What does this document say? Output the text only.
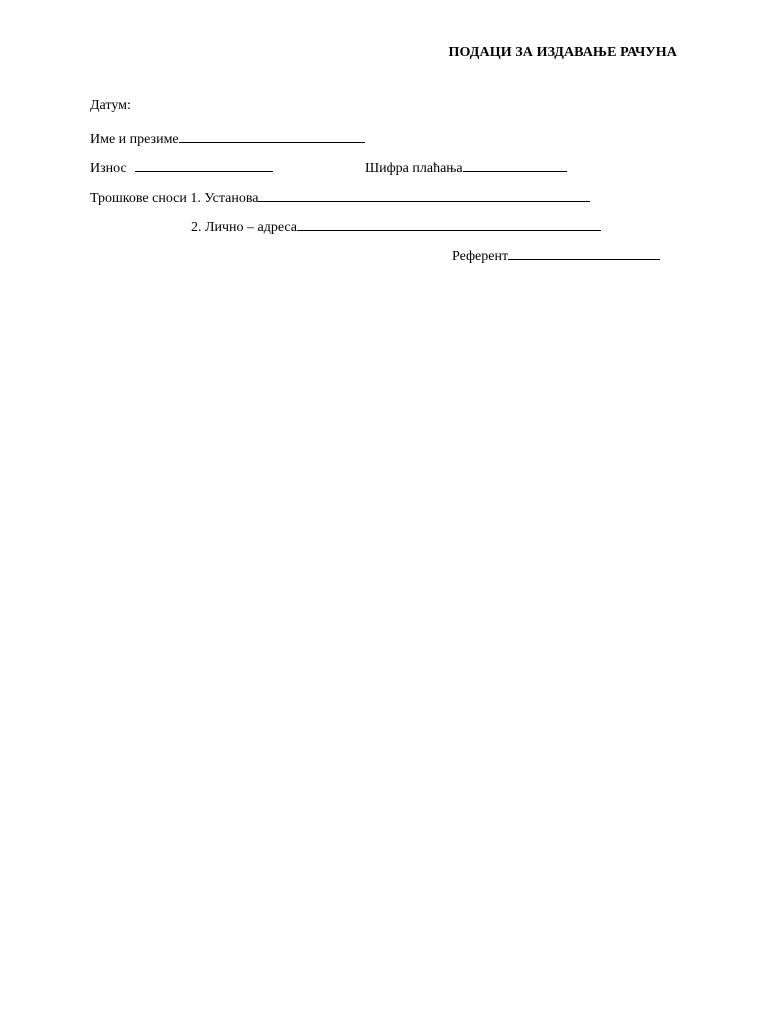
ПОДАЦИ ЗА ИЗДАВАЊЕ РАЧУНА
Датум:
Име и презиме
Износ	Шифра плаћања
Трошкове сноси 1. Установа
2. Лично – адреса
Референт
